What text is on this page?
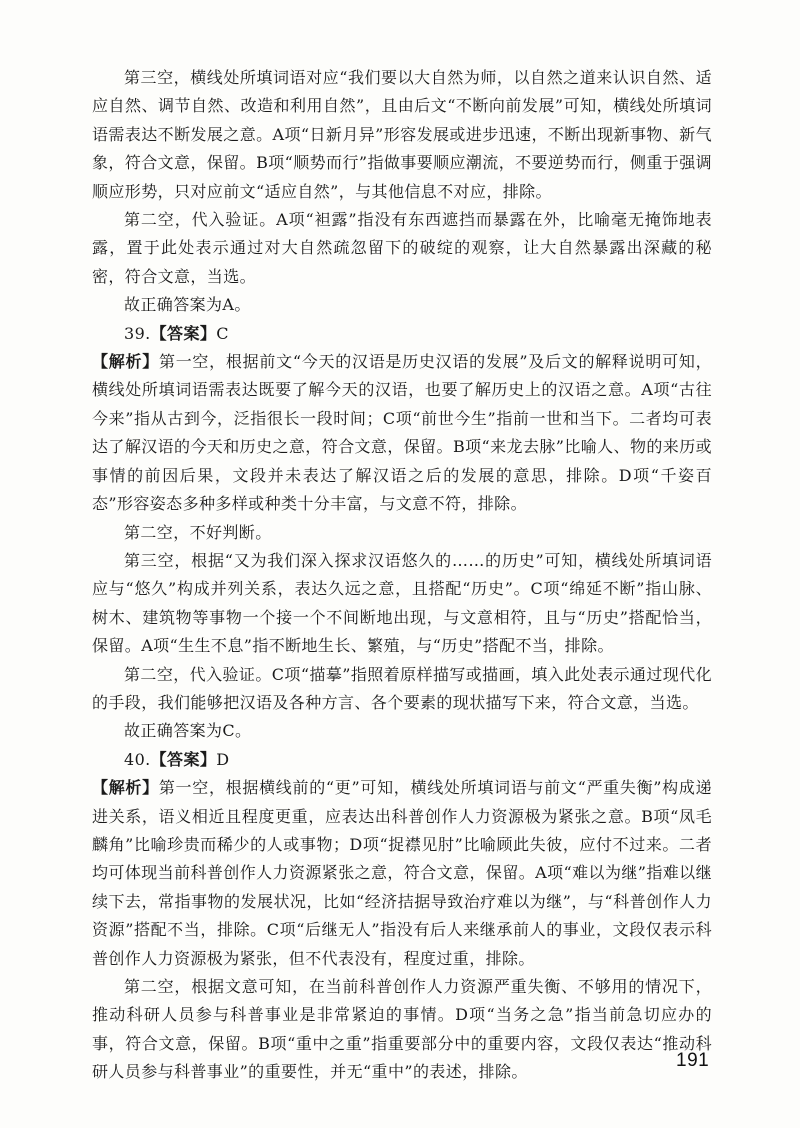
第三空，横线处所填词语对应“我们要以大自然为师，以自然之道来认识自然、适应自然、调节自然、改造和利用自然”，且由后文“不断向前发展”可知，横线处所填词语需表达不断发展之意。A项“日新月异”形容发展或进步迅速，不断出现新事物、新气象，符合文意，保留。B项“顺势而行”指做事要顺应潮流，不要逆势而行，侧重于强调顺应形势，只对应前文“适应自然”，与其他信息不对应，排除。

第二空，代入验证。A项“袒露”指没有东西遮挡而暴露在外，比喻毫无掩饰地表露，置于此处表示通过对大自然疏忽留下的破绽的观察，让大自然暴露出深藏的秘密，符合文意，当选。

故正确答案为A。

39.【答案】C

【解析】第一空，根据前文“今天的汉语是历史汉语的发展”及后文的解释说明可知，横线处所填词语需表达既要了解今天的汉语，也要了解历史上的汉语之意。A项“古往今来”指从古到今，泛指很长一段时间；C项“前世今生”指前一世和当下。二者均可表达了解汉语的今天和历史之意，符合文意，保留。B项“来龙去脉”比喻人、物的来历或事情的前因后果，文段并未表达了解汉语之后的发展的意思，排除。D项“千姿百态”形容姿态多种多样或种类十分丰富，与文意不符，排除。

第二空，不好判断。

第三空，根据“又为我们深入探求汉语悠久的……的历史”可知，横线处所填词语应与“悠久”构成并列关系，表达久远之意，且搭配“历史”。C项“绵延不断”指山脉、树木、建筑物等事物一个接一个不间断地出现，与文意相符，且与“历史”搭配恰当，保留。A项“生生不息”指不断地生长、繁殖，与“历史”搭配不当，排除。

第二空，代入验证。C项“描摹”指照着原样描写或描画，填入此处表示通过现代化的手段，我们能够把汉语及各种方言、各个要素的现状描写下来，符合文意，当选。

故正确答案为C。

40.【答案】D

【解析】第一空，根据横线前的“更”可知，横线处所填词语与前文“严重失衡”构成递进关系，语义相近且程度更重，应表达出科普创作人力资源极为紧张之意。B项“凤毛麟角”比喻珍贵而稀少的人或事物；D项“捉襟见肘”比喻顾此失彼，应付不过来。二者均可体现当前科普创作人力资源紧张之意，符合文意，保留。A项“难以为继”指难以继续下去，常指事物的发展状况，比如“经济拮据导致治疗难以为继”，与“科普创作人力资源”搭配不当，排除。C项“后继无人”指没有后人来继承前人的事业，文段仅表示科普创作人力资源极为紧张，但不代表没有，程度过重，排除。

第二空，根据文意可知，在当前科普创作人力资源严重失衡、不够用的情况下，推动科研人员参与科普事业是非常紧迫的事情。D项“当务之急”指当前急切应办的事，符合文意，保留。B项“重中之重”指重要部分中的重要内容，文段仅表达“推动科研人员参与科普事业”的重要性，并无“重中”的表述，排除。

191
